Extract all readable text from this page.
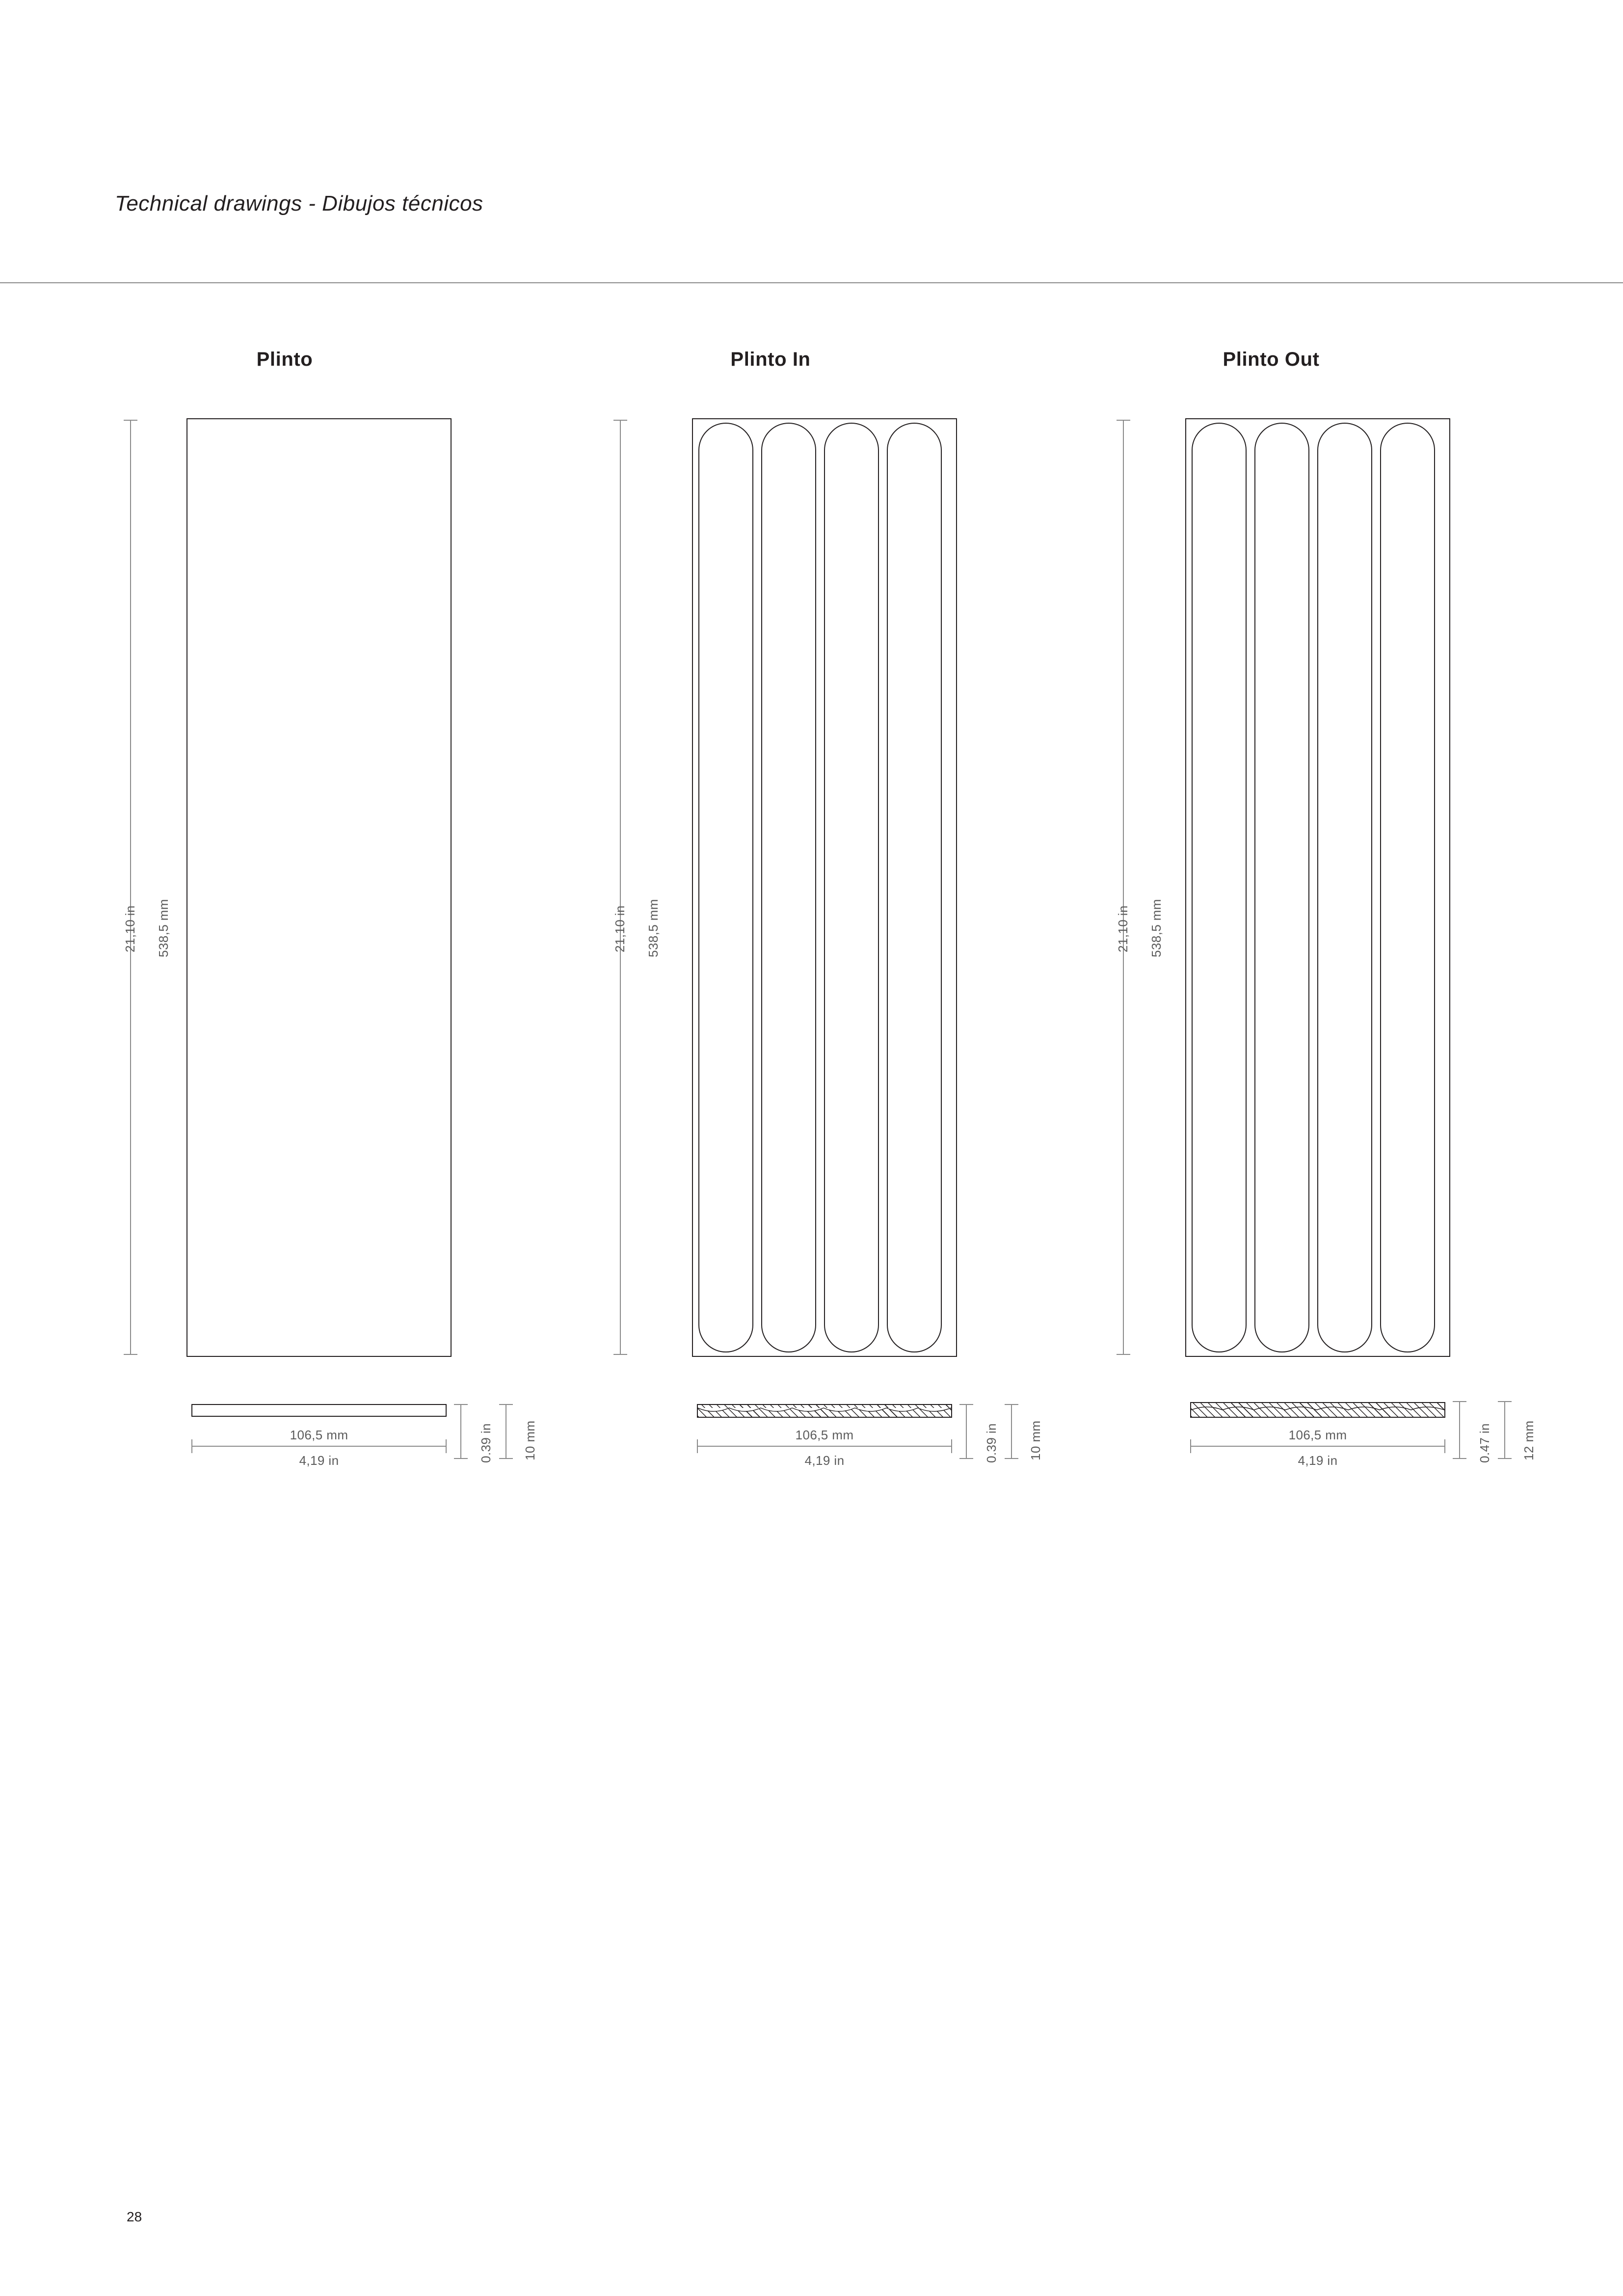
Technical drawings - Dibujos técnicos
Plinto
538,5 mm
21,10 in
106,5 mm
4,19 in	10 mm
0.39 in
Plinto In
538,5 mm
21,10 in
106,5 mm
4,19 in	10 mm
0.39 in
Plinto Out
538,5 mm
21,10 in
106,5 mm
4,19 in	12 mm
0.47 in
28
